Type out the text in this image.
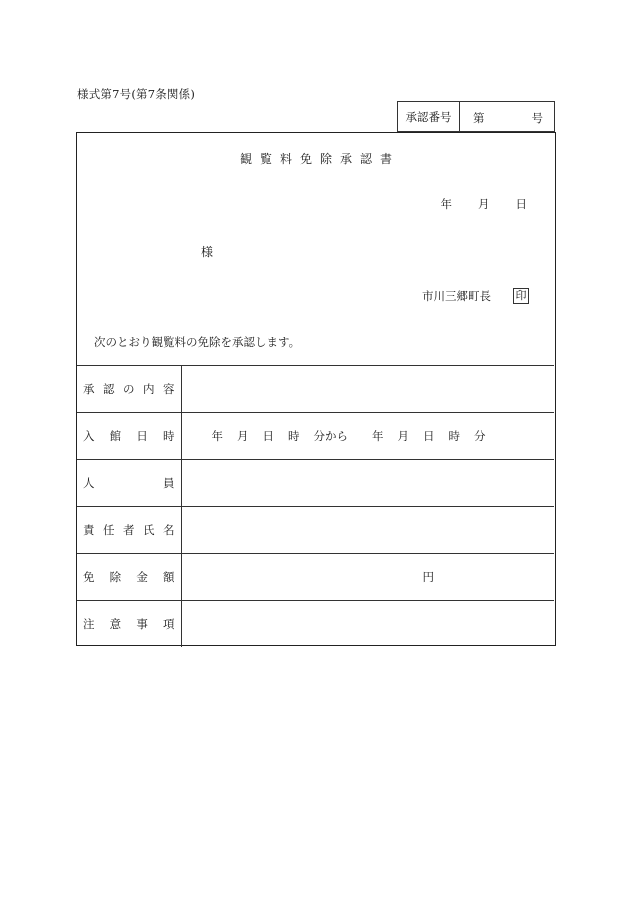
様式第7号(第7条関係)
承認番号	第	号
観覧料免除承認書
年 月 日
様
市川三郷町長 印
次のとおり観覧料の免除を承認します。
承 認 の 内 容	

入 館 日 時	年 月 日 時 分から 年 月 日 時 分

人 員	

責 任 者 氏 名	

免 除 金 額	円

注 意 事 項	
